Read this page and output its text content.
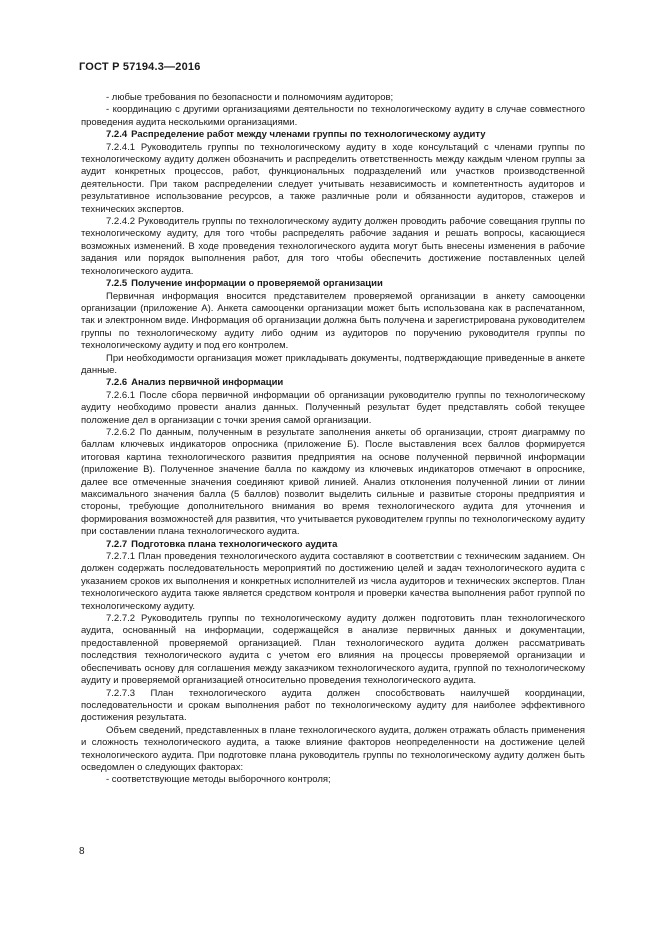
ГОСТ Р 57194.3—2016

- любые требования по безопасности и полномочиям аудиторов;

- координацию с другими организациями деятельности по технологическому аудиту в случае совместного проведения аудита несколькими организациями.

7.2.4 Распределение работ между членами группы по технологическому аудиту

7.2.4.1 Руководитель группы по технологическому аудиту в ходе консультаций с членами группы по технологическому аудиту должен обозначить и распределить ответственность между каждым членом группы за аудит конкретных процессов, работ, функциональных подразделений или участков производственной деятельности. При таком распределении следует учитывать независимость и компетентность аудиторов и результативное использование ресурсов, а также различные роли и обязанности аудиторов, стажеров и технических экспертов.

7.2.4.2 Руководитель группы по технологическому аудиту должен проводить рабочие совещания группы по технологическому аудиту, для того чтобы распределять рабочие задания и решать вопросы, касающиеся возможных изменений. В ходе проведения технологического аудита могут быть внесены изменения в рабочие задания или порядок выполнения работ, для того чтобы обеспечить достижение поставленных целей технологического аудита.

7.2.5 Получение информации о проверяемой организации

Первичная информация вносится представителем проверяемой организации в анкету самооценки организации (приложение А). Анкета самооценки организации может быть использована как в распечатанном, так и электронном виде. Информация об организации должна быть получена и зарегистрирована руководителем группы по технологическому аудиту либо одним из аудиторов по поручению руководителя группы по технологическому аудиту и под его контролем.

При необходимости организация может прикладывать документы, подтверждающие приведенные в анкете данные.

7.2.6 Анализ первичной информации

7.2.6.1 После сбора первичной информации об организации руководителю группы по технологическому аудиту необходимо провести анализ данных. Полученный результат будет представлять собой текущее положение дел в организации с точки зрения самой организации.

7.2.6.2 По данным, полученным в результате заполнения анкеты об организации, строят диаграмму по баллам ключевых индикаторов опросника (приложение Б). После выставления всех баллов формируется итоговая картина технологического развития предприятия на основе полученной первичной информации (приложение В). Полученное значение балла по каждому из ключевых индикаторов отмечают в опроснике, далее все отмеченные значения соединяют кривой линией. Анализ отклонения полученной линии от линии максимального значения балла (5 баллов) позволит выделить сильные и развитые стороны предприятия и стороны, требующие дополнительного внимания во время технологического аудита для уточнения и формирования возможностей для развития, что учитывается руководителем группы по технологическому аудиту при составлении плана технологического аудита.

7.2.7 Подготовка плана технологического аудита

7.2.7.1 План проведения технологического аудита составляют в соответствии с техническим заданием. Он должен содержать последовательность мероприятий по достижению целей и задач технологического аудита с указанием сроков их выполнения и конкретных исполнителей из числа аудиторов и технических экспертов. План технологического аудита также является средством контроля и проверки качества выполнения работ группой по технологическому аудиту.

7.2.7.2 Руководитель группы по технологическому аудиту должен подготовить план технологического аудита, основанный на информации, содержащейся в анализе первичных данных и документации, предоставленной проверяемой организацией. План технологического аудита должен рассматривать последствия технологического аудита с учетом его влияния на процессы проверяемой организации и обеспечивать основу для соглашения между заказчиком технологического аудита, группой по технологическому аудиту и проверяемой организацией относительно проведения технологического аудита.

7.2.7.3 План технологического аудита должен способствовать наилучшей координации, последовательности и срокам выполнения работ по технологическому аудиту для наиболее эффективного достижения результата.

Объем сведений, представленных в плане технологического аудита, должен отражать область применения и сложность технологического аудита, а также влияние факторов неопределенности на достижение целей технологического аудита. При подготовке плана руководитель группы по технологическому аудиту должен быть осведомлен о следующих факторах:

- соответствующие методы выборочного контроля;

8
